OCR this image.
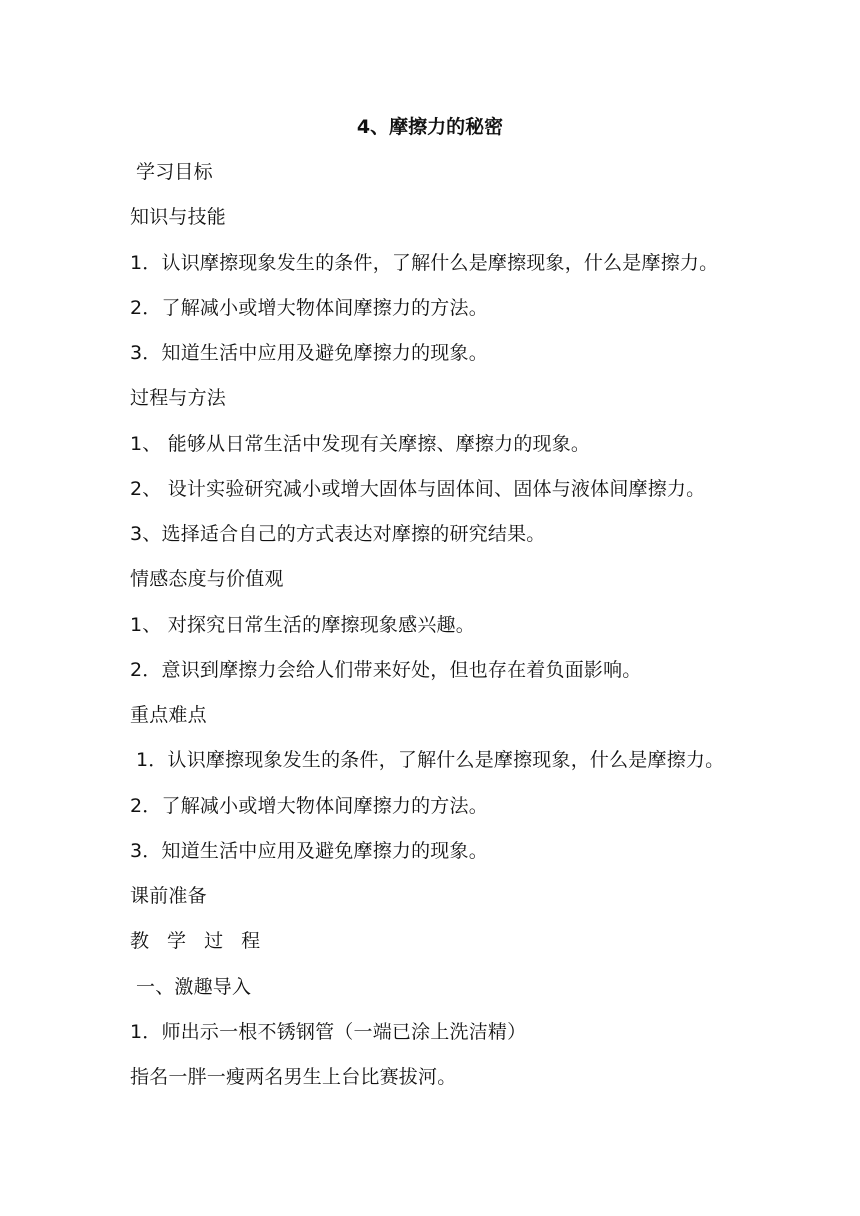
4、摩擦力的秘密
学习目标
知识与技能
1．认识摩擦现象发生的条件，了解什么是摩擦现象，什么是摩擦力。
2．了解减小或增大物体间摩擦力的方法。
3．知道生活中应用及避免摩擦力的现象。
过程与方法
1、 能够从日常生活中发现有关摩擦、摩擦力的现象。
2、 设计实验研究减小或增大固体与固体间、固体与液体间摩擦力。
3、选择适合自己的方式表达对摩擦的研究结果。
情感态度与价值观
1、 对探究日常生活的摩擦现象感兴趣。
2．意识到摩擦力会给人们带来好处，但也存在着负面影响。
重点难点
1．认识摩擦现象发生的条件，了解什么是摩擦现象，什么是摩擦力。
2．了解减小或增大物体间摩擦力的方法。
3．知道生活中应用及避免摩擦力的现象。
课前准备
教 学 过 程
一、激趣导入
1．师出示一根不锈钢管（一端已涂上洗洁精）
指名一胖一瘦两名男生上台比赛拔河。
